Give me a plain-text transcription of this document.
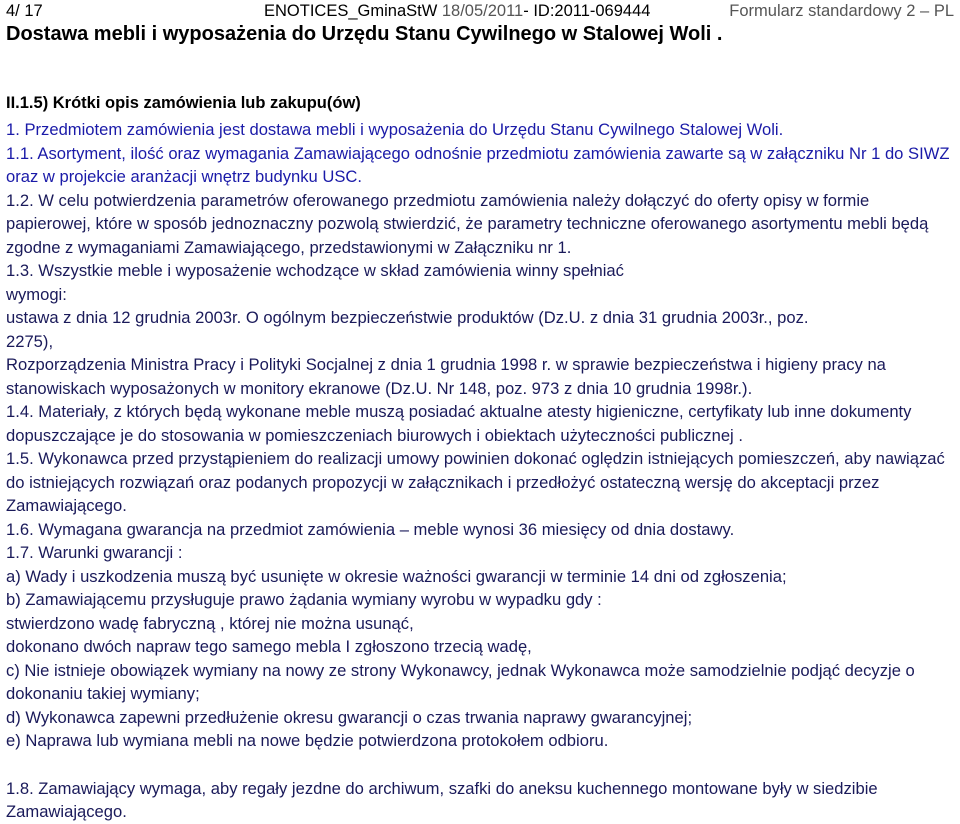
4/ 17	ENOTICES_GminaStW 18/05/2011- ID:2011-069444	Formularz standardowy 2 – PL
Dostawa mebli i wyposażenia do Urzędu Stanu Cywilnego w Stalowej Woli .
II.1.5) Krótki opis zamówienia lub zakupu(ów)

1. Przedmiotem zamówienia jest dostawa mebli i wyposażenia do Urzędu Stanu Cywilnego Stalowej Woli.

1.1. Asortyment, ilość oraz wymagania Zamawiającego odnośnie przedmiotu zamówienia zawarte są w załączniku Nr 1 do SIWZ oraz w projekcie aranżacji wnętrz budynku USC.

1.2. W celu potwierdzenia parametrów oferowanego przedmiotu zamówienia należy dołączyć do oferty opisy w formie papierowej, które w sposób jednoznaczny pozwolą stwierdzić, że parametry techniczne oferowanego asortymentu mebli będą zgodne z wymaganiami Zamawiającego, przedstawionymi w Załączniku nr 1.

1.3. Wszystkie meble i wyposażenie wchodzące w skład zamówienia winny spełniać

wymogi:

ustawa z dnia 12 grudnia 2003r. O ogólnym bezpieczeństwie produktów (Dz.U. z dnia 31 grudnia 2003r., poz.

2275),

Rozporządzenia Ministra Pracy i Polityki Socjalnej z dnia 1 grudnia 1998 r. w sprawie bezpieczeństwa i higieny pracy na stanowiskach wyposażonych w monitory ekranowe (Dz.U. Nr 148, poz. 973 z dnia 10 grudnia 1998r.).

1.4. Materiały, z których będą wykonane meble muszą posiadać aktualne atesty higieniczne, certyfikaty lub inne dokumenty dopuszczające je do stosowania w pomieszczeniach biurowych i obiektach użyteczności publicznej .

1.5. Wykonawca przed przystąpieniem do realizacji umowy powinien dokonać oględzin istniejących pomieszczeń, aby nawiązać do istniejących rozwiązań oraz podanych propozycji w załącznikach i przedłożyć ostateczną wersję do akceptacji przez Zamawiającego.

1.6. Wymagana gwarancja na przedmiot zamówienia – meble wynosi 36 miesięcy od dnia dostawy.

1.7. Warunki gwarancji :

a) Wady i uszkodzenia muszą być usunięte w okresie ważności gwarancji w terminie 14 dni od zgłoszenia;

b) Zamawiającemu przysługuje prawo żądania wymiany wyrobu w wypadku gdy :

stwierdzono wadę fabryczną , której nie można usunąć,

dokonano dwóch napraw tego samego mebla I zgłoszono trzecią wadę,

c) Nie istnieje obowiązek wymiany na nowy ze strony Wykonawcy, jednak Wykonawca może samodzielnie podjąć decyzje o dokonaniu takiej wymiany;

d) Wykonawca zapewni przedłużenie okresu gwarancji o czas trwania naprawy gwarancyjnej;

e) Naprawa lub wymiana mebli na nowe będzie potwierdzona protokołem odbioru.

1.8. Zamawiający wymaga, aby regały jezdne do archiwum, szafki do aneksu kuchennego montowane były w siedzibie Zamawiającego.
